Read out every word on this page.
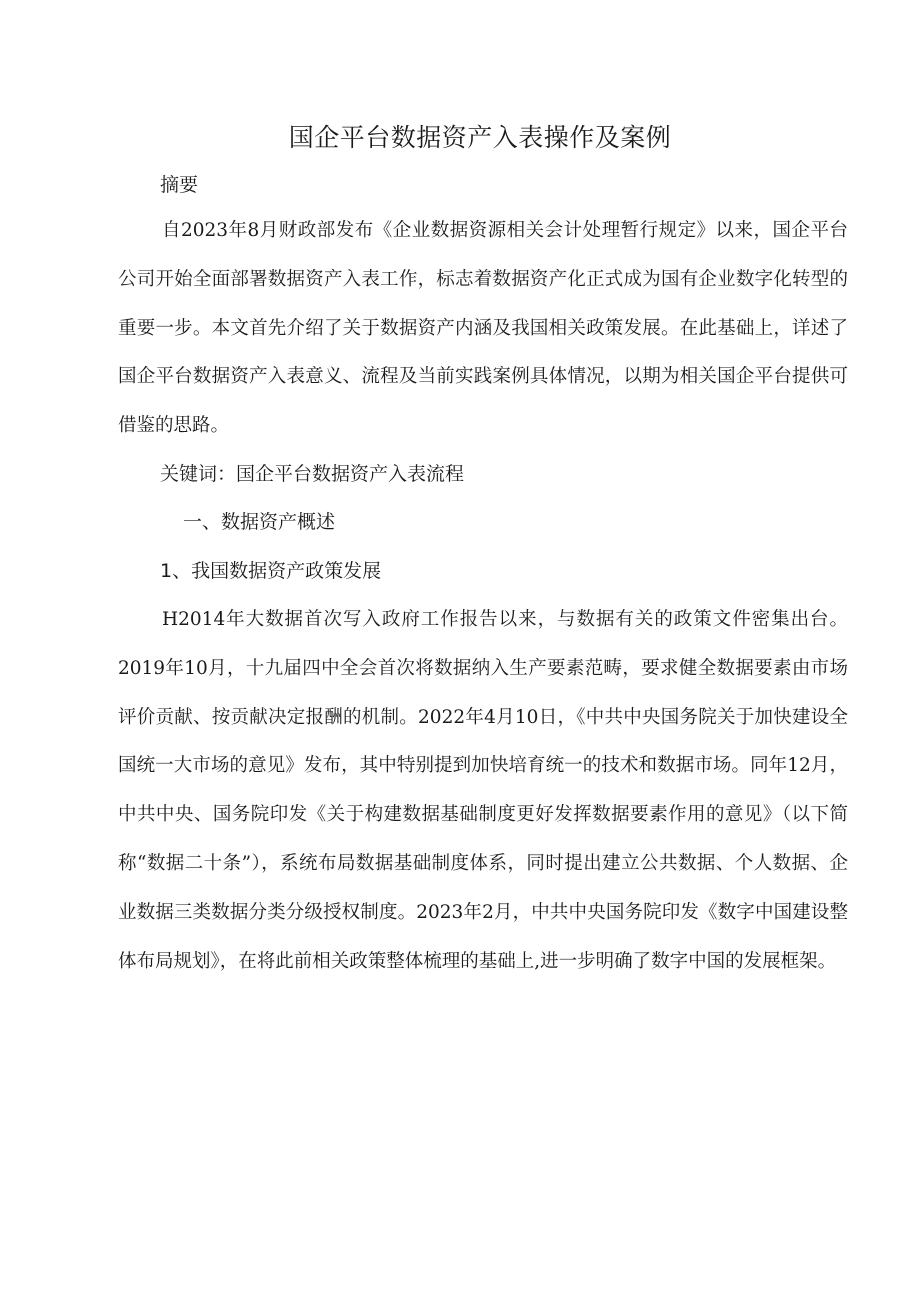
国企平台数据资产入表操作及案例
摘要

自2023年8月财政部发布《企业数据资源相关会计处理暂行规定》以来，国企平台公司开始全面部署数据资产入表工作，标志着数据资产化正式成为国有企业数字化转型的重要一步。本文首先介绍了关于数据资产内涵及我国相关政策发展。在此基础上，详述了国企平台数据资产入表意义、流程及当前实践案例具体情况，以期为相关国企平台提供可借鉴的思路。

关键词：国企平台数据资产入表流程
一、数据资产概述
1、我国数据资产政策发展

H2014年大数据首次写入政府工作报告以来，与数据有关的政策文件密集出台。2019年10月，十九届四中全会首次将数据纳入生产要素范畴，要求健全数据要素由市场评价贡献、按贡献决定报酬的机制。2022年4月10日，《中共中央国务院关于加快建设全国统一大市场的意见》发布，其中特别提到加快培育统一的技术和数据市场。同年12月，中共中央、国务院印发《关于构建数据基础制度更好发挥数据要素作用的意见》（以下简称“数据二十条”），系统布局数据基础制度体系，同时提出建立公共数据、个人数据、企业数据三类数据分类分级授权制度。2023年2月，中共中央国务院印发《数字中国建设整体布局规划》，在将此前相关政策整体梳理的基础上,进一步明确了数字中国的发展框架。
